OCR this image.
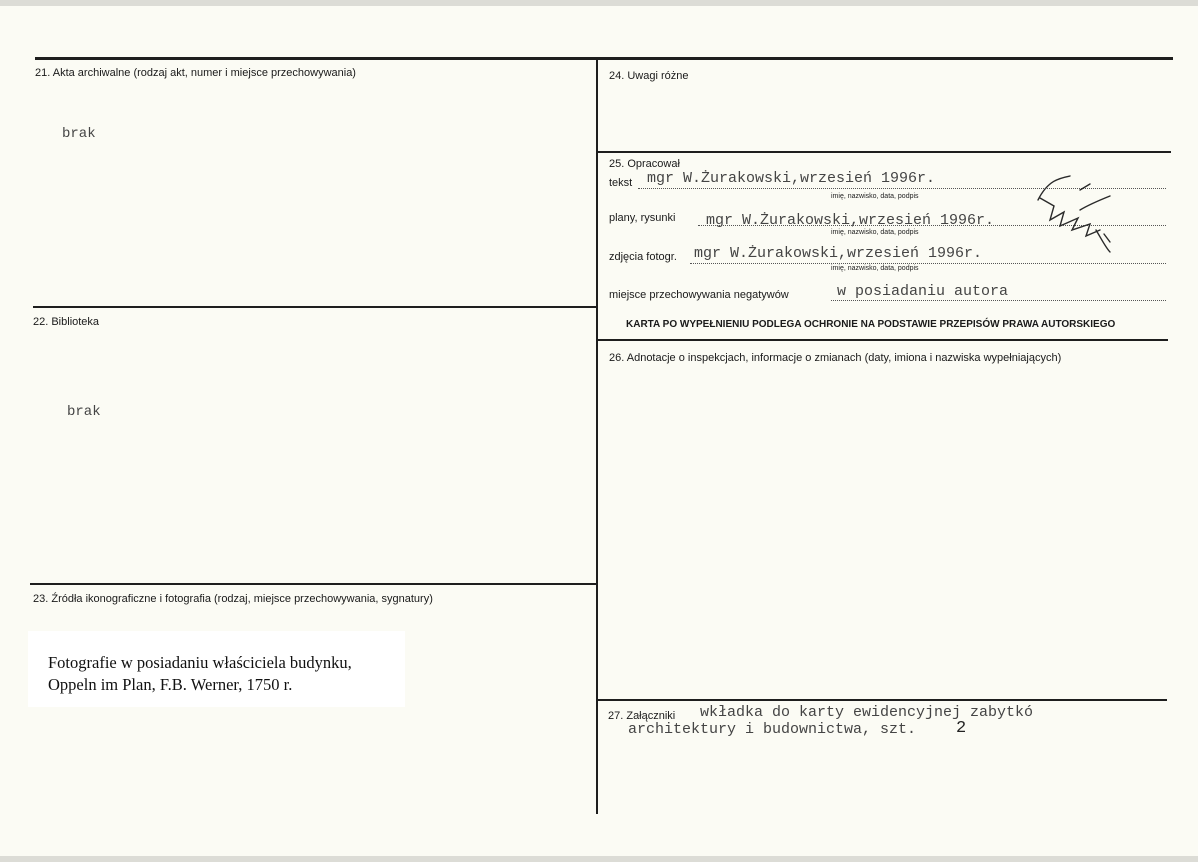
21. Akta archiwalne (rodzaj akt, numer i miejsce przechowywania)
brak
22. Biblioteka
brak
23. Źródła ikonograficzne i fotografia (rodzaj, miejsce przechowywania, sygnatury)
Fotografie w posiadaniu właściciela budynku,
Oppeln im Plan, F.B. Werner, 1750 r.
24. Uwagi różne
25. Opracował
tekst mgr W.Żurakowski,wrzesień 1996r.
imię, nazwisko, data, podpis
plany, rysunki mgr W.Żurakowski,wrzesień 1996r.
imię, nazwisko, data, podpis
zdjęcia fotogr. mgr W.Żurakowski,wrzesień 1996r.
imię, nazwisko, data, podpis
miejsce przechowywania negatywów	w posiadaniu autora
KARTA PO WYPEŁNIENIU PODLEGA OCHRONIE NA PODSTAWIE PRZEPISÓW PRAWA AUTORSKIEGO
26. Adnotacje o inspekcjach, informacje o zmianach (daty, imiona i nazwiska wypełniających)
27. Załączniki wkładka do karty ewidencyjnej zabytkó
architektury i budownictwa, szt. 2
